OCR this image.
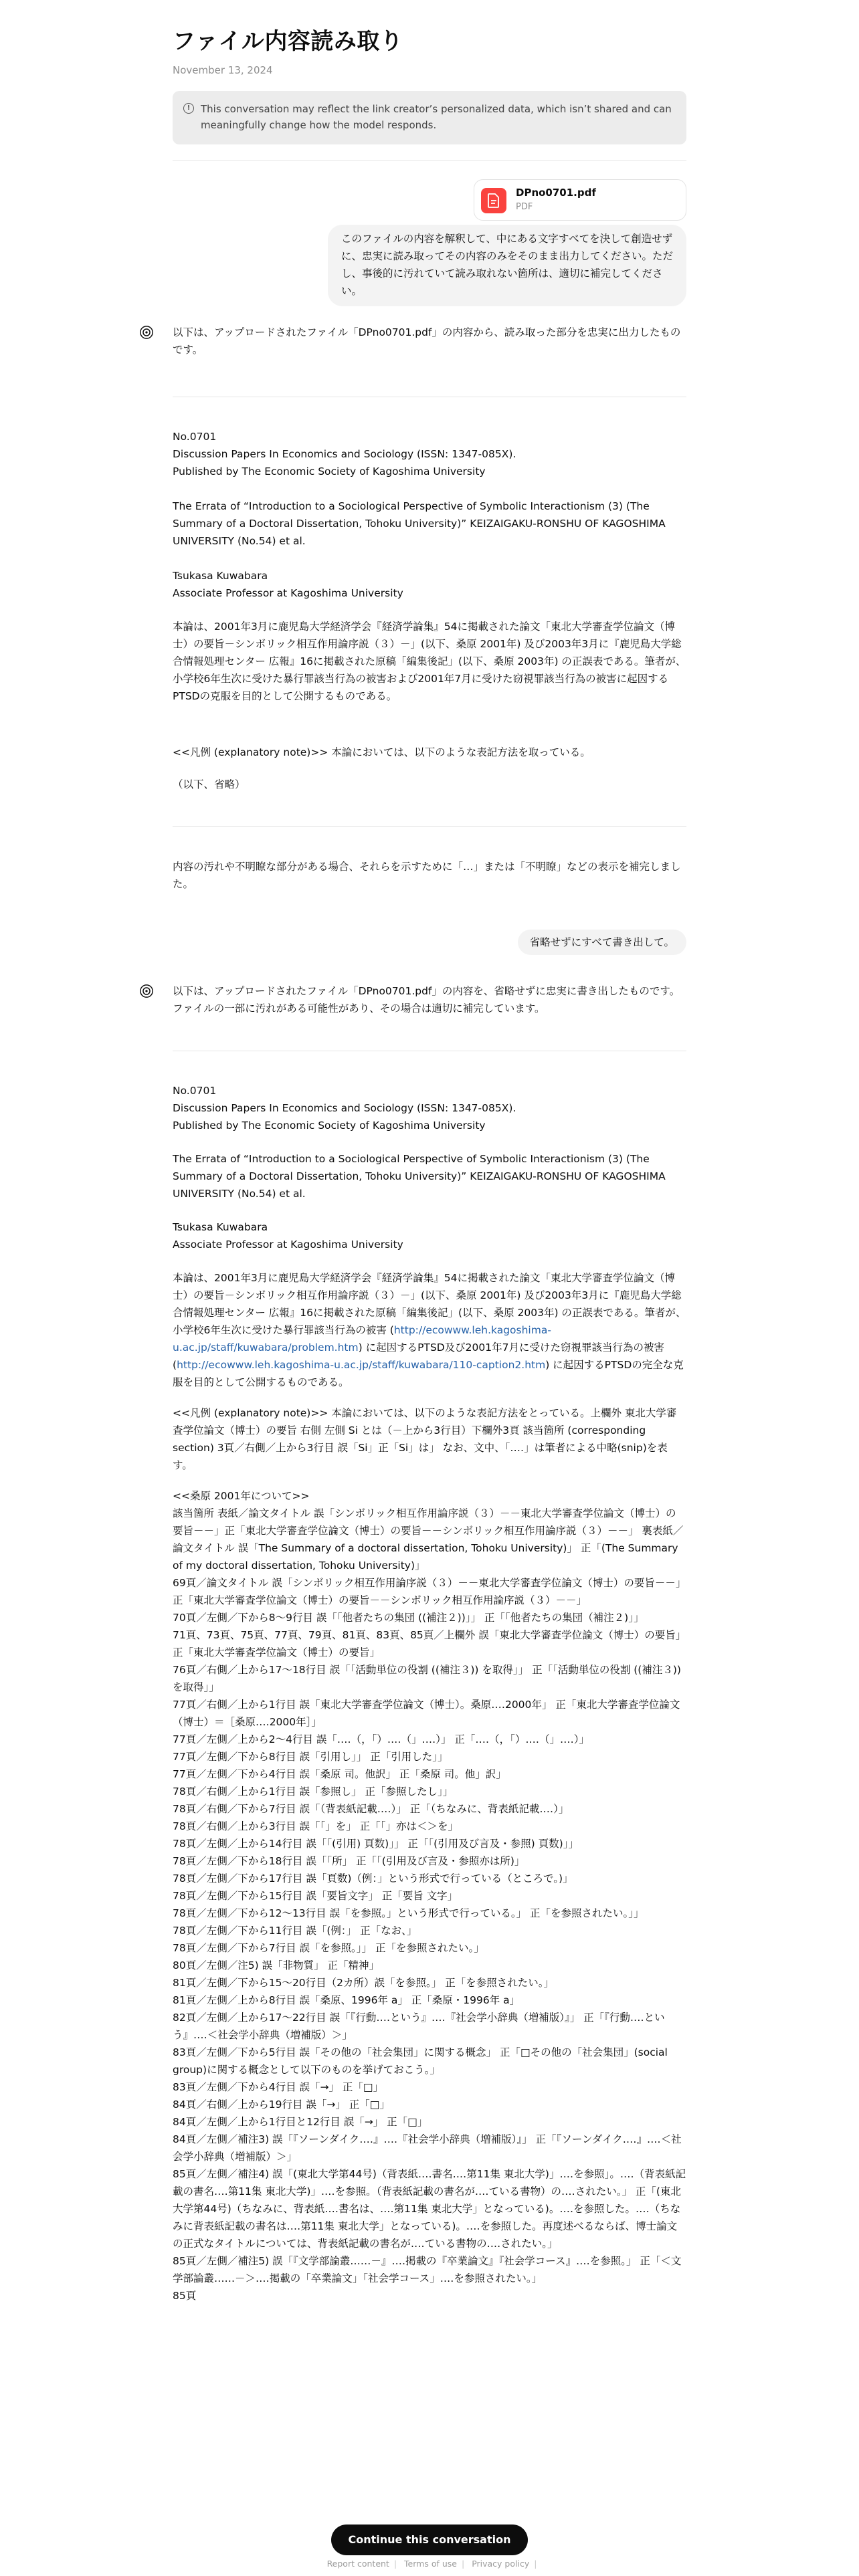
ファイル内容読み取り
November 13, 2024
!	This conversation may reflect the link creator’s personalized data, which isn’t shared and can meaningfully change how the model responds.
DPno0701.pdf
PDF
このファイルの内容を解釈して、中にある文字すべてを決して創造せずに、忠実に読み取ってその内容のみをそのまま出力してください。ただし、事後的に汚れていて読み取れない箇所は、適切に補完してください。

以下は、アップロードされたファイル「DPno0701.pdf」の内容から、読み取った部分を忠実に出力したものです。

No.0701

Discussion Papers In Economics and Sociology (ISSN: 1347-085X).

Published by The Economic Society of Kagoshima University

The Errata of “Introduction to a Sociological Perspective of Symbolic Interactionism (3) (The Summary of a Doctoral Dissertation, Tohoku University)” KEIZAIGAKU-RONSHU OF KAGOSHIMA UNIVERSITY (No.54) et al.

Tsukasa Kuwabara

Associate Professor at Kagoshima University

本論は、2001年3月に鹿児島大学経済学会『経済学論集』54に掲載された論文「東北大学審査学位論文（博士）の要旨－シンボリック相互作用論序説（３）－」(以下、桑原 2001年) 及び2003年3月に『鹿児島大学総合情報処理センター 広報』16に掲載された原稿「編集後記」(以下、桑原 2003年) の正誤表である。筆者が、小学校6年生次に受けた暴行罪該当行為の被害および2001年7月に受けた窃視罪該当行為の被害に起因するPTSDの克服を目的として公開するものである。
<<凡例 (explanatory note)>> 本論においては、以下のような表記方法を取っている。
（以下、省略）
内容の汚れや不明瞭な部分がある場合、それらを示すために「…」または「不明瞭」などの表示を補完しました。
省略せずにすべて書き出して。

以下は、アップロードされたファイル「DPno0701.pdf」の内容を、省略せずに忠実に書き出したものです。ファイルの一部に汚れがある可能性があり、その場合は適切に補完しています。

No.0701

Discussion Papers In Economics and Sociology (ISSN: 1347-085X).

Published by The Economic Society of Kagoshima University

The Errata of “Introduction to a Sociological Perspective of Symbolic Interactionism (3) (The Summary of a Doctoral Dissertation, Tohoku University)” KEIZAIGAKU-RONSHU OF KAGOSHIMA UNIVERSITY (No.54) et al.

Tsukasa Kuwabara

Associate Professor at Kagoshima University

本論は、2001年3月に鹿児島大学経済学会『経済学論集』54に掲載された論文「東北大学審査学位論文（博士）の要旨－シンボリック相互作用論序説（３）－」(以下、桑原 2001年) 及び2003年3月に『鹿児島大学総合情報処理センター 広報』16に掲載された原稿「編集後記」(以下、桑原 2003年) の正誤表である。筆者が、小学校6年生次に受けた暴行罪該当行為の被害 (http://ecowww.leh.kagoshima-u.ac.jp/staff/kuwabara/problem.htm) に起因するPTSD及び2001年7月に受けた窃視罪該当行為の被害 (http://ecowww.leh.kagoshima-u.ac.jp/staff/kuwabara/110-caption2.htm) に起因するPTSDの完全な克服を目的として公開するものである。

<<凡例 (explanatory note)>> 本論においては、以下のような表記方法をとっている。上欄外 東北大学審査学位論文（博士）の要旨 右側 左側 Si とは（－上から3行目）下欄外3頁 該当箇所 (corresponding section) 3頁／右側／上から3行目 誤「Si」正「Si」は」 なお、文中、「‥‥」は筆者による中略(snip)を表す。

<<桑原 2001年について>>

該当箇所 表紙／論文タイトル 誤「シンボリック相互作用論序説（３）－－東北大学審査学位論文（博士）の要旨－－」正「東北大学審査学位論文（博士）の要旨－－シンボリック相互作用論序説（３）－－」 裏表紙／論文タイトル 誤「The Summary of a doctoral dissertation, Tohoku University)」 正「(The Summary of my doctoral dissertation, Tohoku University)」

69頁／論文タイトル 誤「シンボリック相互作用論序説（３）－－東北大学審査学位論文（博士）の要旨－－」正「東北大学審査学位論文（博士）の要旨－－シンボリック相互作用論序説（３）－－」

70頁／左側／下から8～9行目 誤「「他者たちの集団 ((補注２))」」 正「「他者たちの集団（補注２)」」

71頁、73頁、75頁、77頁、79頁、81頁、83頁、85頁／上欄外 誤「東北大学審査学位論文（博士）の要旨」 正「東北大学審査学位論文（博士）の要旨」

76頁／右側／上から17～18行目 誤「「活動単位の役割 ((補注３)) を取得」」 正「「活動単位の役割 ((補注３)) を取得」」

77頁／右側／上から1行目 誤「東北大学審査学位論文（博士）。桑原‥‥2000年」 正「東北大学審査学位論文（博士）＝［桑原‥‥2000年］」

77頁／左側／上から2～4行目 誤「‥‥（，「）‥‥（」‥‥）」 正「‥‥（，「）‥‥（」‥‥）」

77頁／左側／下から8行目 誤「引用し」」 正「引用した」」

77頁／左側／下から4行目 誤「桑原 司。他訳」 正「桑原 司。他」訳」

78頁／右側／上から1行目 誤「参照し」 正「参照したし」」

78頁／右側／下から7行目 誤「（背表紙記載‥‥）」 正「（ちなみに、背表紙記載‥‥）」

78頁／右側／上から3行目 誤「「」を」 正「「」亦は＜＞を」

78頁／左側／上から14行目 誤「「(引用) 頁数)」」 正「「(引用及び言及・参照) 頁数)」」

78頁／左側／下から18行目 誤「「所」 正「「(引用及び言及・参照亦は所)」

78頁／左側／下から17行目 誤「頁数)（例：」という形式で行っている（ところで。)」

78頁／左側／下から15行目 誤「要旨文字」 正「要旨 文字」

78頁／左側／下から12～13行目 誤「を参照。」という形式で行っている。」 正「を参照されたい。」」

78頁／左側／下から11行目 誤「(例：」 正「なお、」

78頁／左側／下から7行目 誤「を参照。」」 正「を参照されたい。」

80頁／左側／注5) 誤「非物質」 正「精神」

81頁／左側／下から15～20行目（2カ所）誤「を参照。」 正「を参照されたい。」

81頁／左側／上から8行目 誤「桑原、1996年 a」 正「桑原・1996年 a」

82頁／左側／上から17～22行目 誤「『行動‥‥という』‥‥『社会学小辞典（増補版）』」 正「『行動‥‥という』‥‥＜社会学小辞典（増補版）＞」

83頁／左側／下から5行目 誤「その他の「社会集団」に関する概念」 正「□その他の「社会集団」(social group)に関する概念として以下のものを挙げておこう。」

83頁／左側／下から4行目 誤「→」 正「□」

84頁／右側／上から19行目 誤「→」 正「□」

84頁／左側／上から1行目と12行目 誤「→」 正「□」

84頁／左側／補注3) 誤「『ソーンダイク‥‥』‥‥『社会学小辞典（増補版）』」 正「『ソーンダイク‥‥』‥‥＜社会学小辞典（増補版）＞」

85頁／左側／補注4) 誤「(東北大学第44号)（背表紙‥‥書名‥‥第11集 東北大学)」‥‥を参照」。‥‥（背表紙記載の書名‥‥第11集 東北大学)」‥‥を参照。（背表紙記載の書名が‥‥ている書物）の‥‥されたい。」 正「(東北大学第44号)（ちなみに、背表紙‥‥書名は、‥‥第11集 東北大学」となっている)。‥‥を参照した。‥‥（ちなみに背表紙記載の書名は‥‥第11集 東北大学」となっている)。‥‥を参照した。再度述べるならば、博士論文の正式なタイトルについては、背表紙記載の書名が‥‥ている書物の‥‥されたい。」

85頁／左側／補注5) 誤「『文学部論叢‥‥‥－』‥‥掲載の『卒業論文』『社会学コース』‥‥を参照。」 正「＜文学部論叢‥‥‥－＞‥‥掲載の「卒業論文」「社会学コース」‥‥を参照されたい。」

85頁

Continue this conversation
Report content | Terms of use | Privacy policy |
